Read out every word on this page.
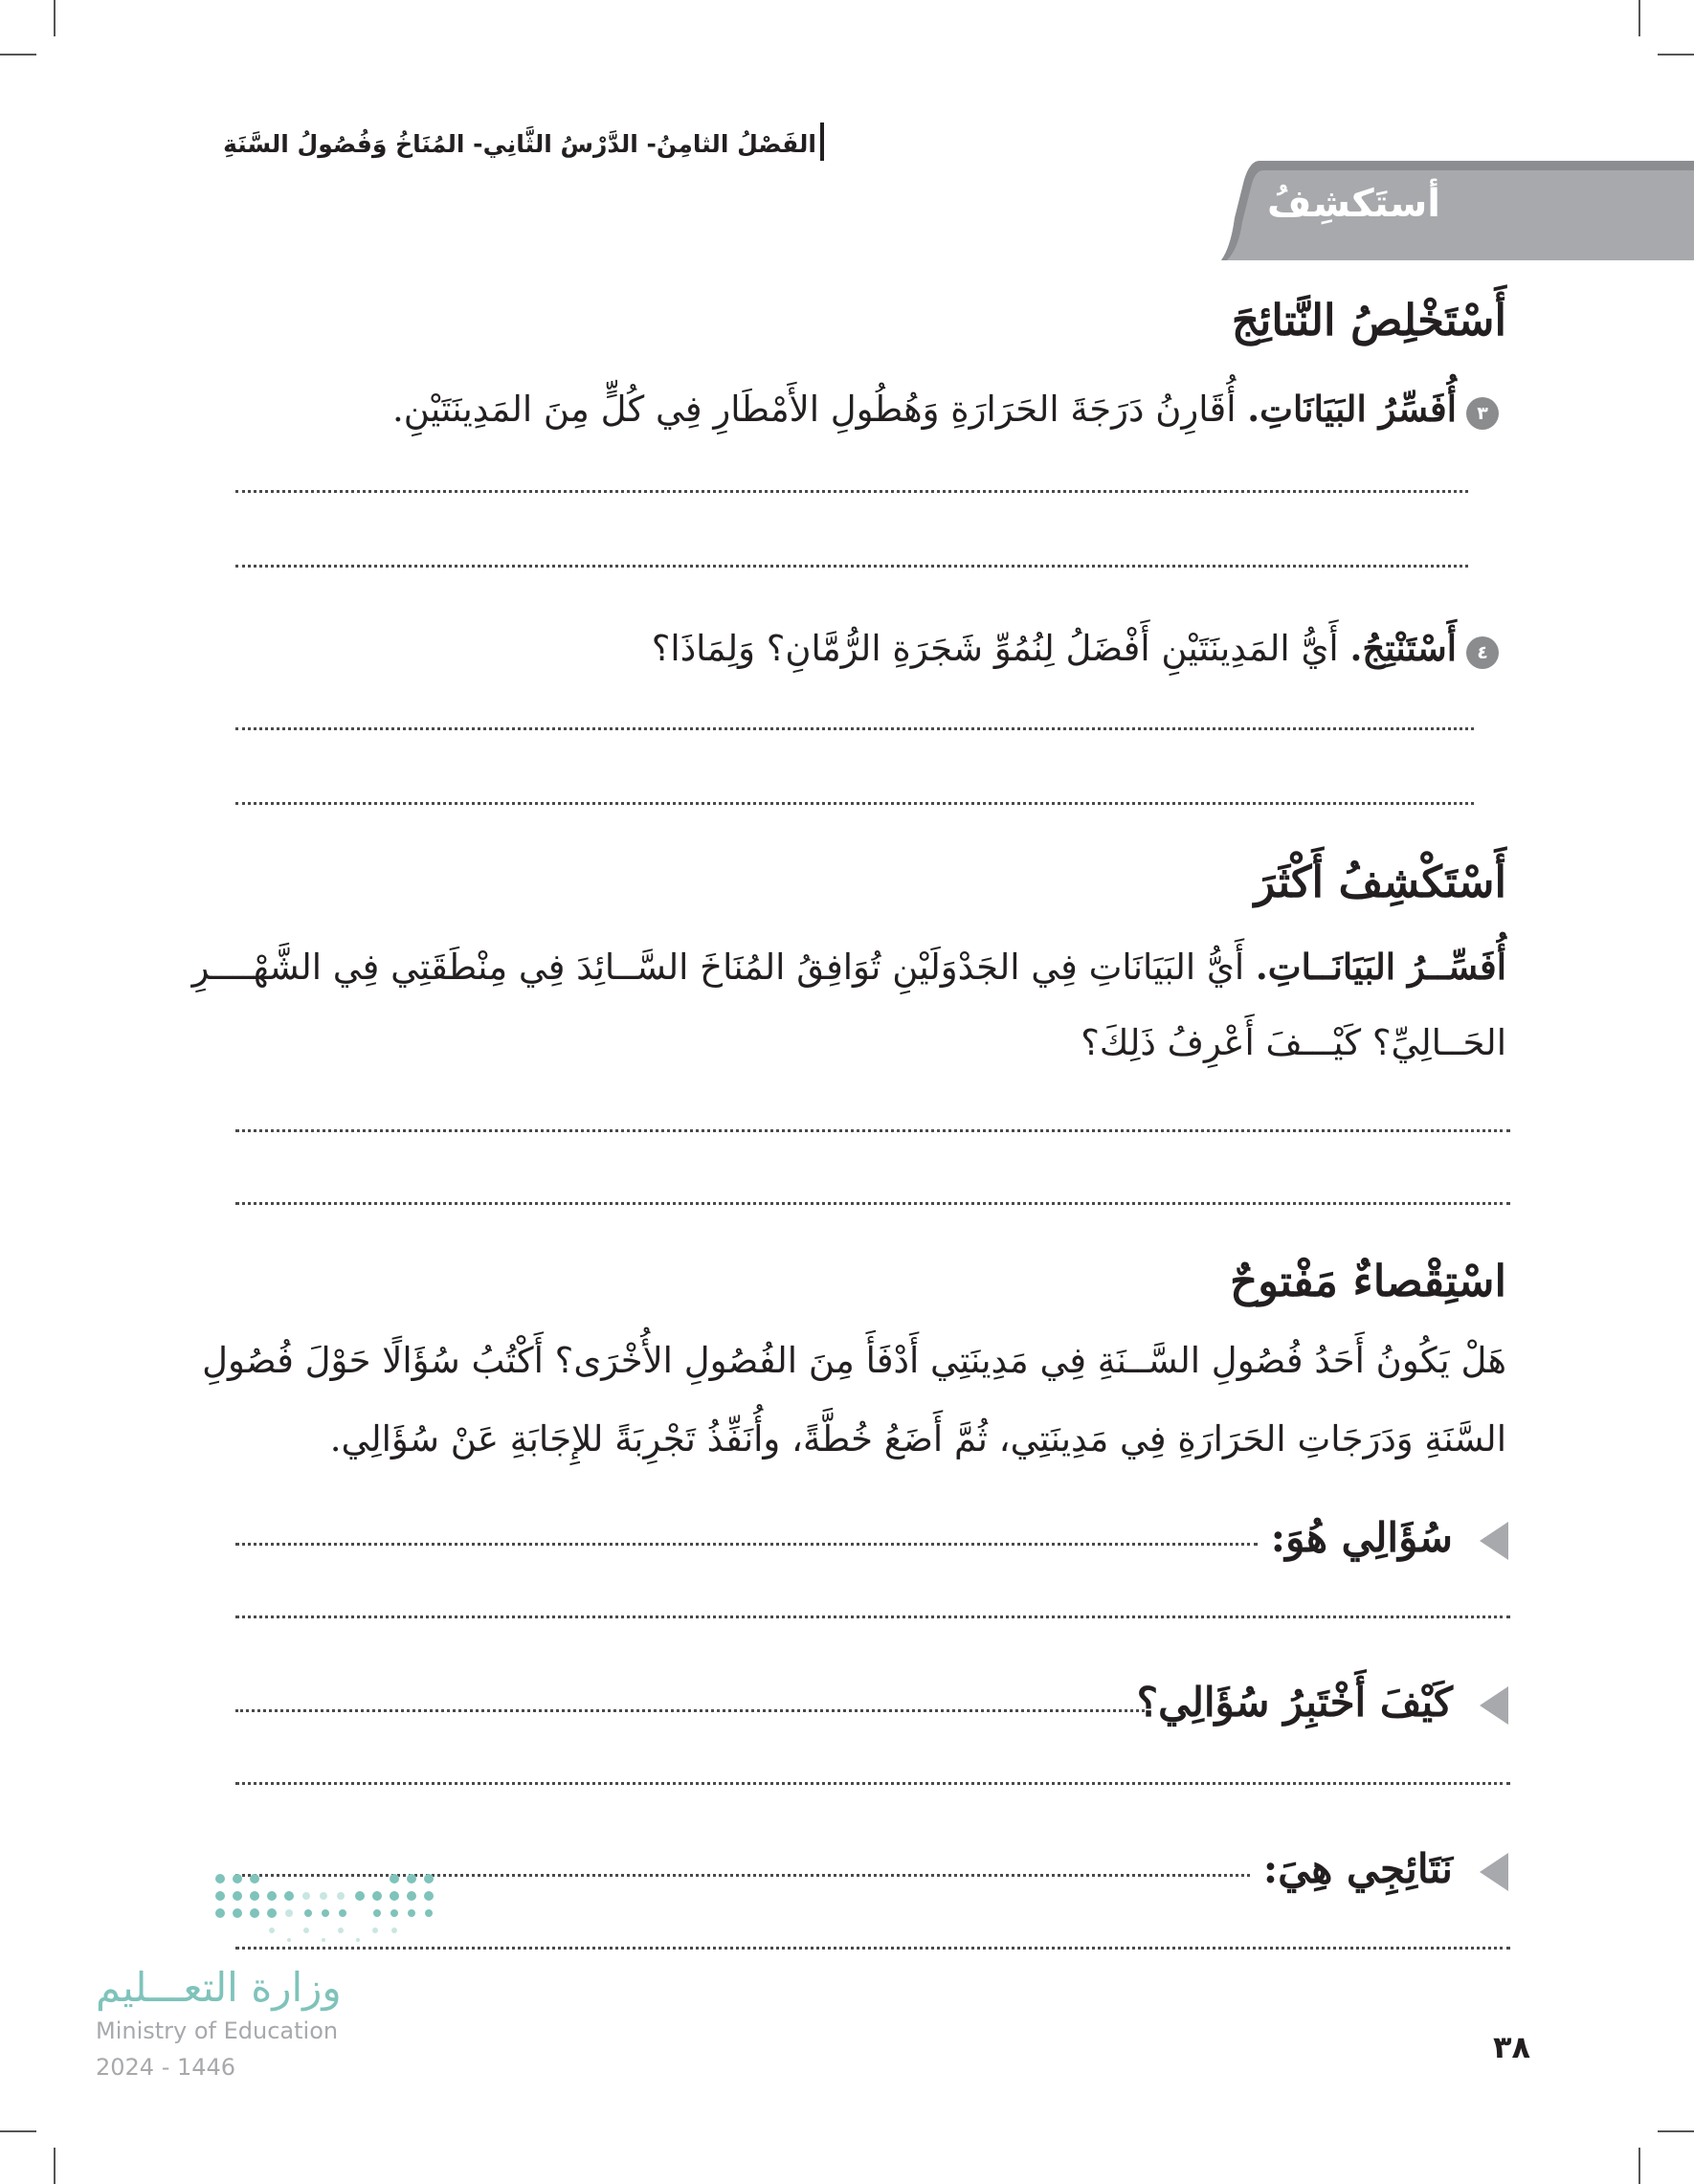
الفَصْلُ الثامِنُ- الدَّرْسُ الثَّانِي- المُنَاخُ وَفُصُولُ السَّنَةِ
أستَكشِفُ
أَسْتَخْلِصُ النَّتائِجَ
٣
أُفَسِّرُ البَيَانَاتِ. أُقَارِنُ دَرَجَةَ الحَرَارَةِ وَهُطُولِ الأَمْطَارِ فِي كُلٍّ مِنَ المَدِينَتَيْنِ.
٤
أَسْتَنْتِجُ. أَيُّ المَدِينَتَيْنِ أَفْضَلُ لِنُمُوِّ شَجَرَةِ الرُّمَّانِ؟ وَلِمَاذَا؟
أَسْتَكْشِفُ أَكْثَرَ
أُفَسِّــرُ البَيَانَــاتِ. أَيُّ البَيَانَاتِ فِي الجَدْوَلَيْنِ تُوَافِقُ المُنَاخَ السَّــائِدَ فِي مِنْطَقَتِي فِي الشَّهْــــرِ
الحَــالِيِّ؟ كَيْـــفَ أَعْرِفُ ذَلِكَ؟
اسْتِقْصاءٌ مَفْتوحٌ
هَلْ يَكُونُ أَحَدُ فُصُولِ السَّــنَةِ فِي مَدِينَتِي أَدْفَأَ مِنَ الفُصُولِ الأُخْرَى؟ أَكْتُبُ سُؤَالًا حَوْلَ فُصُولِ
السَّنَةِ وَدَرَجَاتِ الحَرَارَةِ فِي مَدِينَتِي، ثُمَّ أَضَعُ خُطَّةً، وأُنَفِّذُ تَجْرِبَةً للإِجَابَةِ عَنْ سُؤَالِي.
سُؤَالِي هُوَ:
كَيْفَ أَخْتَبِرُ سُؤَالِي؟
نَتَائِجِي هِيَ:
وزارة التعـــليم
Ministry of Education
2024 - 1446
٣٨
